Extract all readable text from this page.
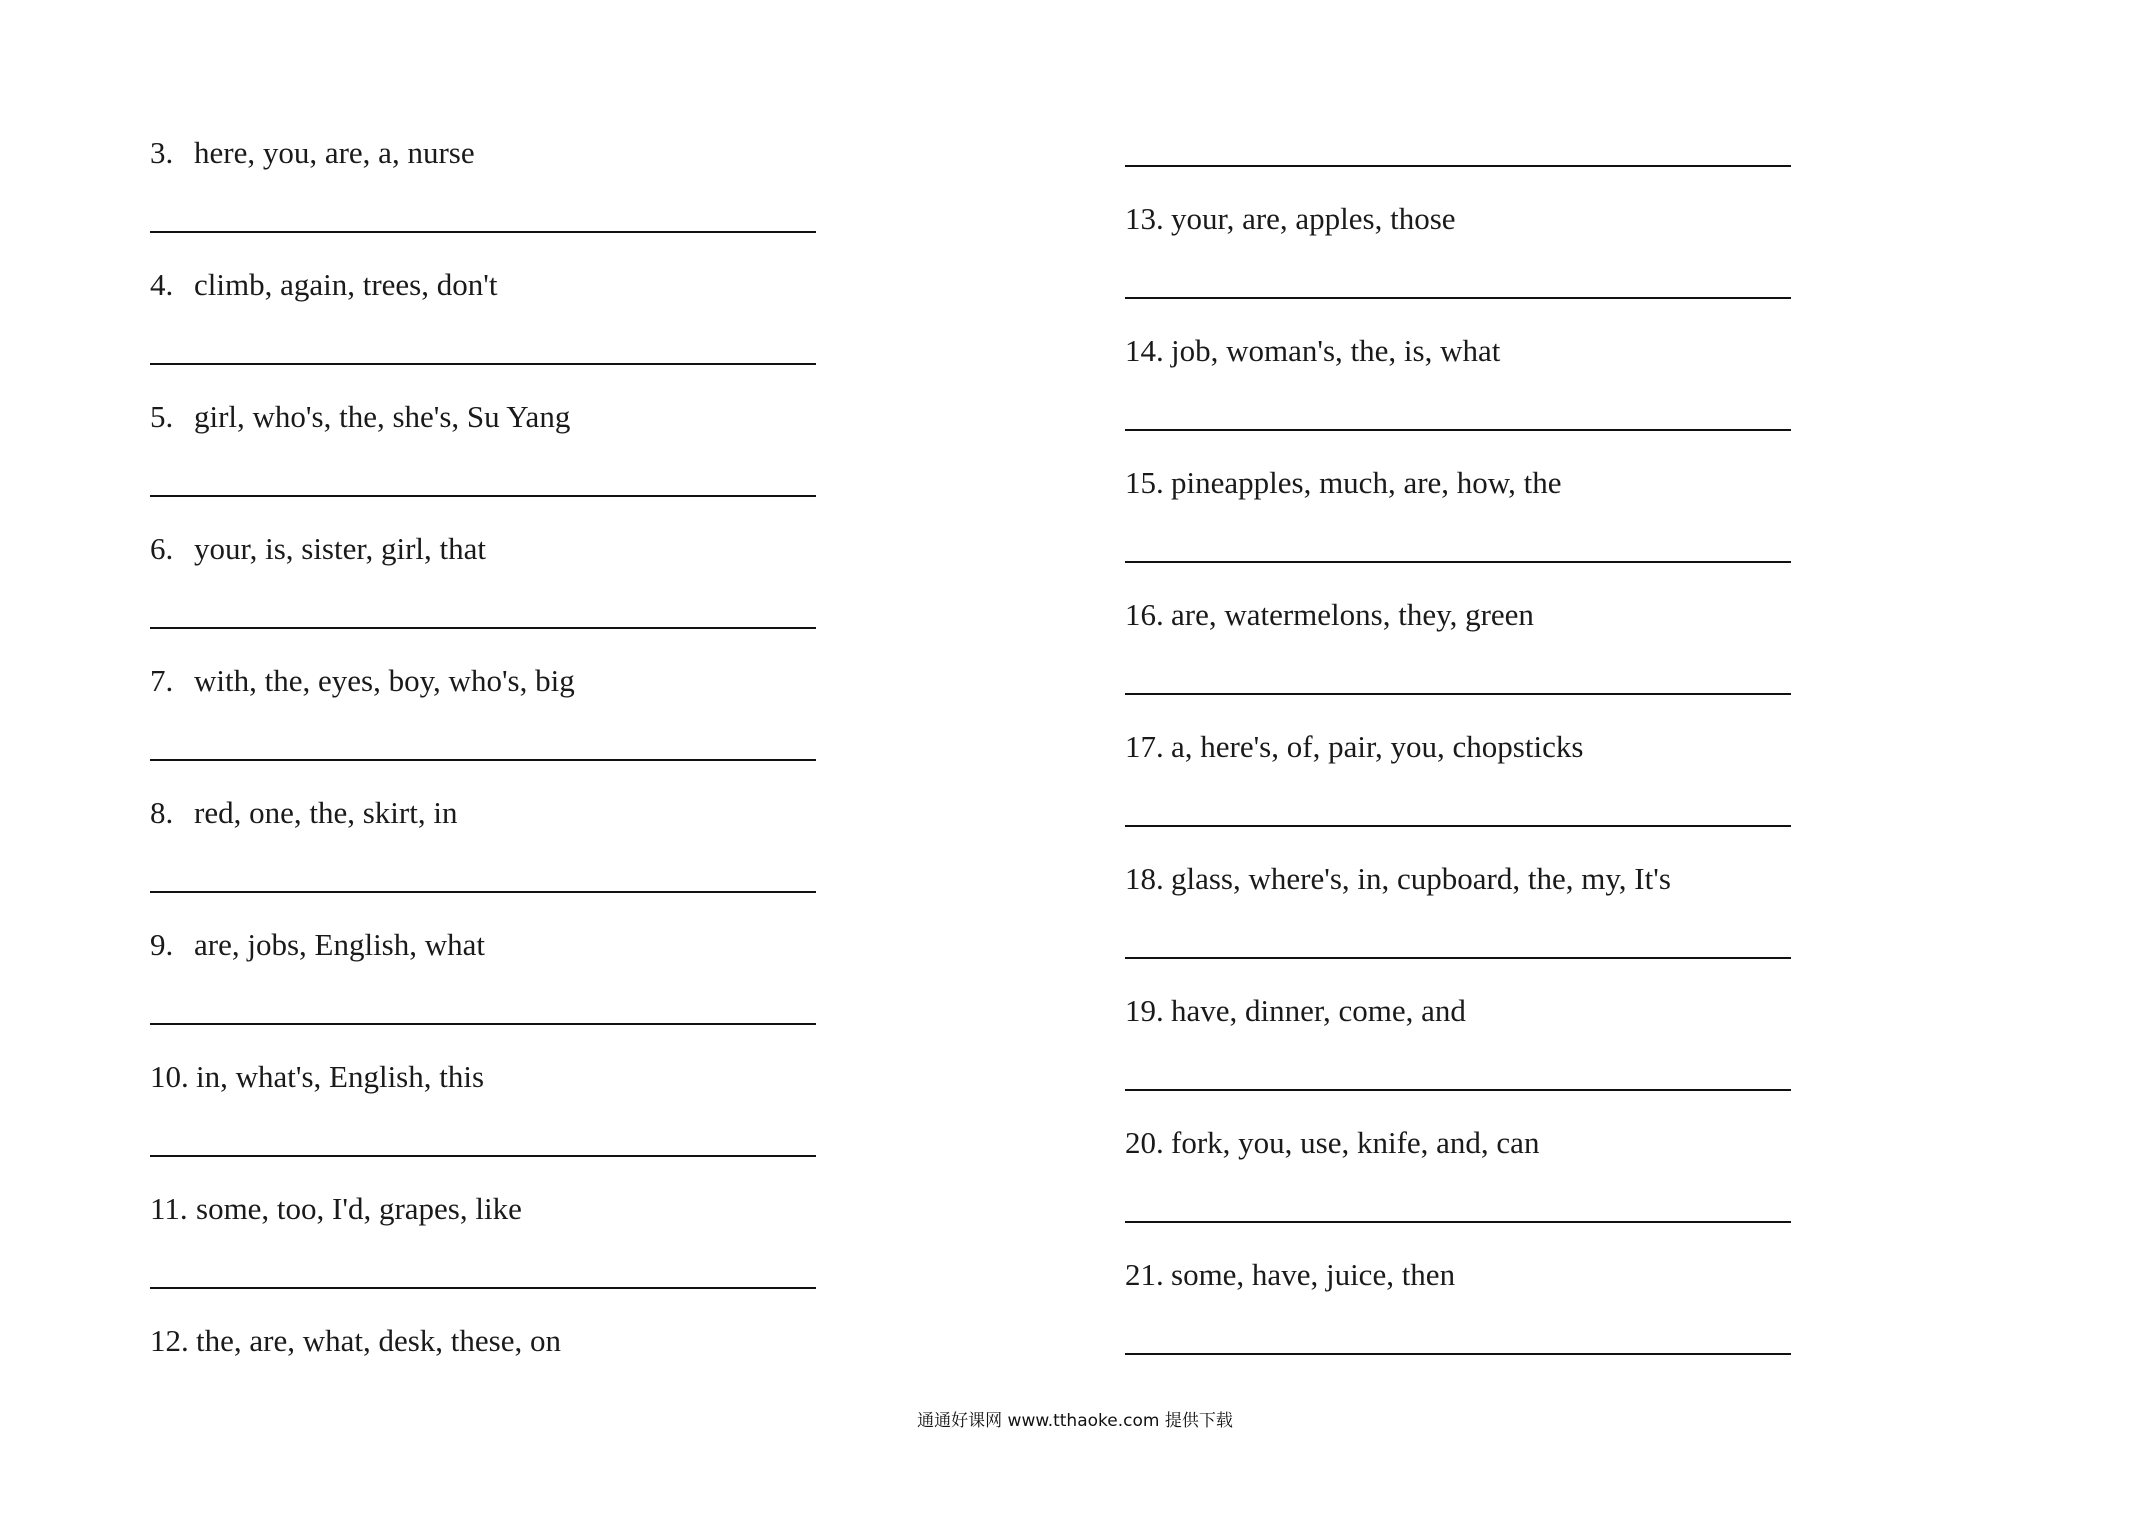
3. here, you, are, a, nurse
4. climb, again, trees, don't
5. girl, who's, the, she's, Su Yang
6. your, is, sister, girl, that
7. with, the, eyes, boy, who's, big
8. red, one, the, skirt, in
9. are, jobs, English, what
10. in, what's, English, this
11. some, too, I'd, grapes, like
12. the, are, what, desk, these, on
13. your, are, apples, those
14. job, woman's, the, is, what
15. pineapples, much, are, how, the
16. are, watermelons, they, green
17. a, here's, of, pair, you, chopsticks
18. glass, where's, in, cupboard, the, my, It's
19. have, dinner, come, and
20. fork, you, use, knife, and, can
21. some, have, juice, then
通通好课网 www.tthaoke.com 提供下载
